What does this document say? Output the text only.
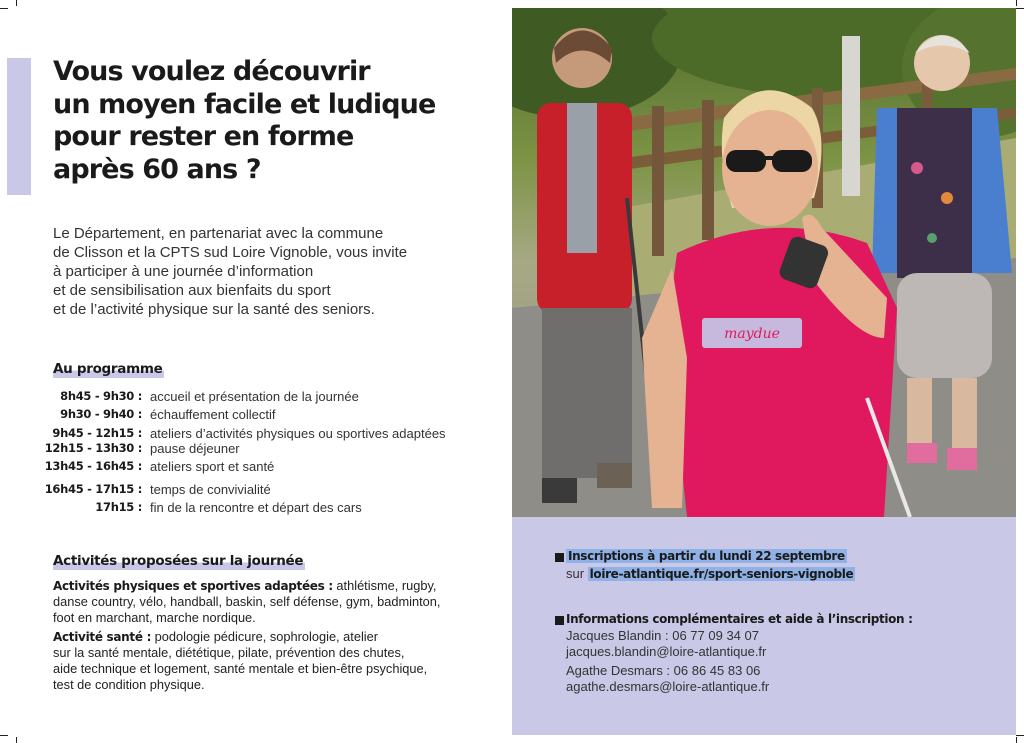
Vous voulez découvrir
un moyen facile et ludique
pour rester en forme
après 60 ans ?
Le Département, en partenariat avec la commune
de Clisson et la CPTS sud Loire Vignoble, vous invite
à participer à une journée d’information
et de sensibilisation aux bienfaits du sport
et de l’activité physique sur la santé des seniors.
Au programme
8h45 - 9h30 : accueil et présentation de la journée
9h30 - 9h40 : échauffement collectif
9h45 - 12h15 : ateliers d’activités physiques ou sportives adaptées
12h15 - 13h30 : pause déjeuner
13h45 - 16h45 : ateliers sport et santé
16h45 - 17h15 : temps de convivialité
17h15 : fin de la rencontre et départ des cars
Activités proposées sur la journée
Activités physiques et sportives adaptées : athlétisme, rugby,
danse country, vélo, handball, baskin, self défense, gym, badminton,
foot en marchant, marche nordique.
Activité santé : podologie pédicure, sophrologie, atelier
sur la santé mentale, diététique, pilate, prévention des chutes,
aide technique et logement, santé mentale et bien-être psychique,
test de condition physique.
maydue
Inscriptions à partir du lundi 22 septembre
sur loire-atlantique.fr/sport-seniors-vignoble
Informations complémentaires et aide à l’inscription :
Jacques Blandin : 06 77 09 34 07
jacques.blandin@loire-atlantique.fr
Agathe Desmars : 06 86 45 83 06
agathe.desmars@loire-atlantique.fr
